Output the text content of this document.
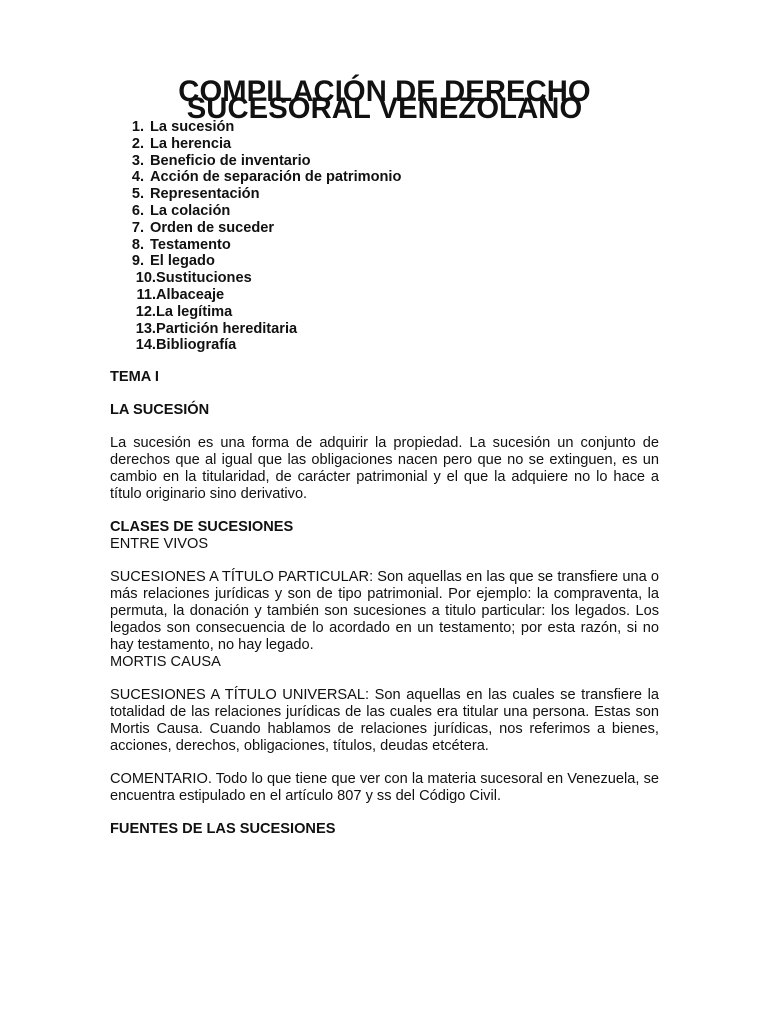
COMPILACIÓN DE DERECHO SUCESORAL VENEZOLANO
1. La sucesión
2. La herencia
3. Beneficio de inventario
4. Acción de separación de patrimonio
5. Representación
6. La colación
7. Orden de suceder
8. Testamento
9. El legado
10. Sustituciones
11. Albaceaje
12. La legítima
13. Partición hereditaria
14. Bibliografía
TEMA I
LA SUCESIÓN

La sucesión es una forma de adquirir la propiedad. La sucesión un conjunto de derechos que al igual que las obligaciones nacen pero que no se extinguen, es un cambio en la titularidad, de carácter patrimonial y el que la adquiere no lo hace a título originario sino derivativo.

CLASES DE SUCESIONES
ENTRE VIVOS

SUCESIONES A TÍTULO PARTICULAR: Son aquellas en las que se transfiere una o más relaciones jurídicas y son de tipo patrimonial. Por ejemplo: la compraventa, la permuta, la donación y también son sucesiones a titulo particular: los legados. Los legados son consecuencia de lo acordado en un testamento; por esta razón, si no hay testamento, no hay legado.

MORTIS CAUSA

SUCESIONES A TÍTULO UNIVERSAL: Son aquellas en las cuales se transfiere la totalidad de las relaciones jurídicas de las cuales era titular una persona. Estas son Mortis Causa. Cuando hablamos de relaciones jurídicas, nos referimos a bienes, acciones, derechos, obligaciones, títulos, deudas etcétera.

COMENTARIO. Todo lo que tiene que ver con la materia sucesoral en Venezuela, se encuentra estipulado en el artículo 807 y ss del Código Civil.

FUENTES DE LAS SUCESIONES
